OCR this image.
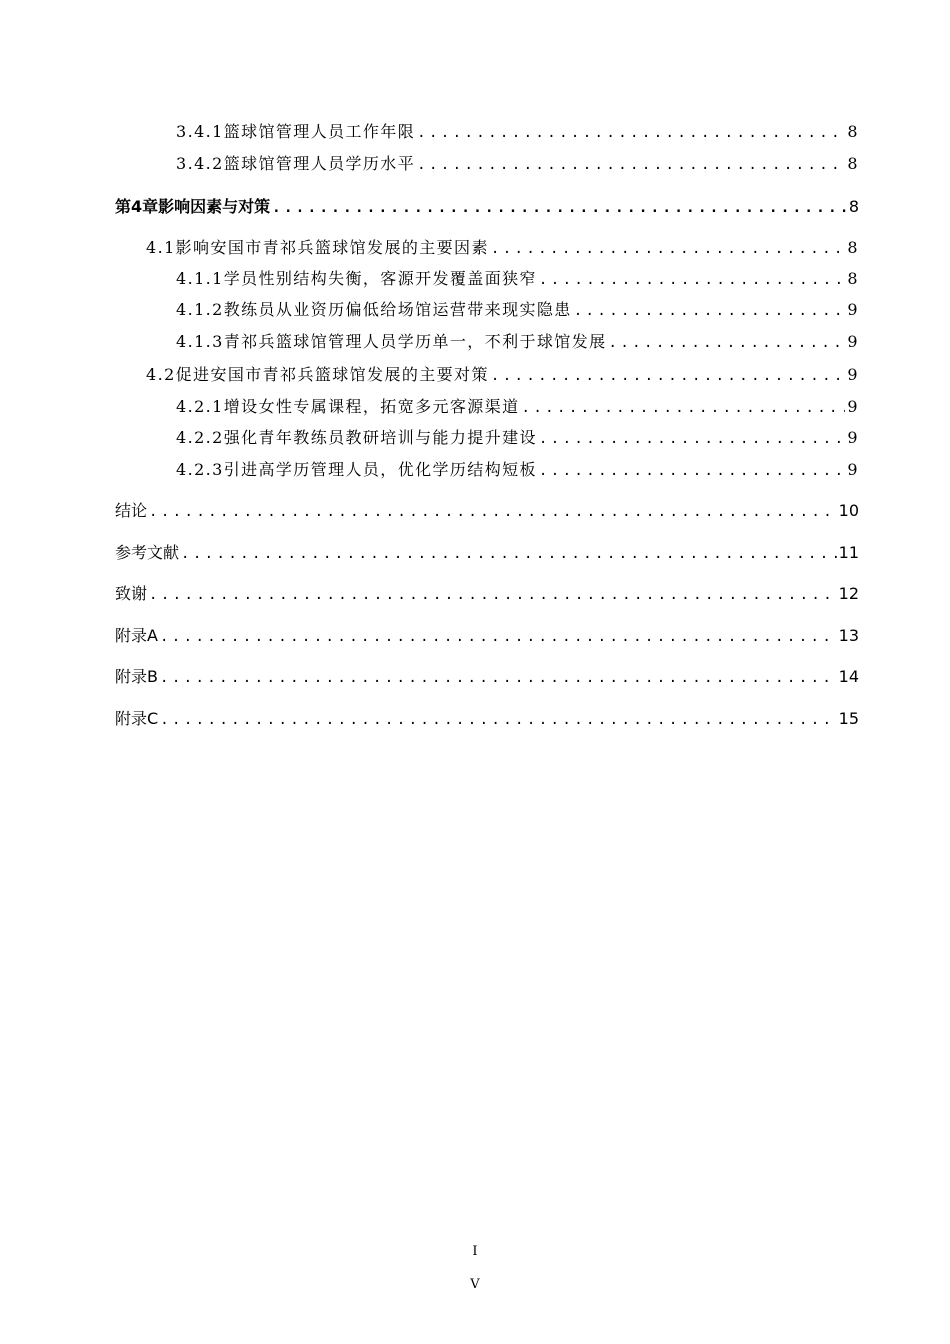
3.4.1篮球馆管理人员工作年限 .....	8
3.4.2篮球馆管理人员学历水平 .....	8
第4章影响因素与对策 .....	8
4.1影响安国市青祁兵篮球馆发展的主要因素 .....	8
4.1.1学员性别结构失衡，客源开发覆盖面狭窄 .....	8
4.1.2教练员从业资历偏低给场馆运营带来现实隐患 .....	9
4.1.3青祁兵篮球馆管理人员学历单一，不利于球馆发展 .....	9
4.2促进安国市青祁兵篮球馆发展的主要对策 .....	9
4.2.1增设女性专属课程，拓宽多元客源渠道 .....	9
4.2.2强化青年教练员教研培训与能力提升建设 .....	9
4.2.3引进高学历管理人员，优化学历结构短板 .....	9
结论 .....	10
参考文献 .....	11
致谢 .....	12
附录A .....	13
附录B .....	14
附录C .....	15
I
V
